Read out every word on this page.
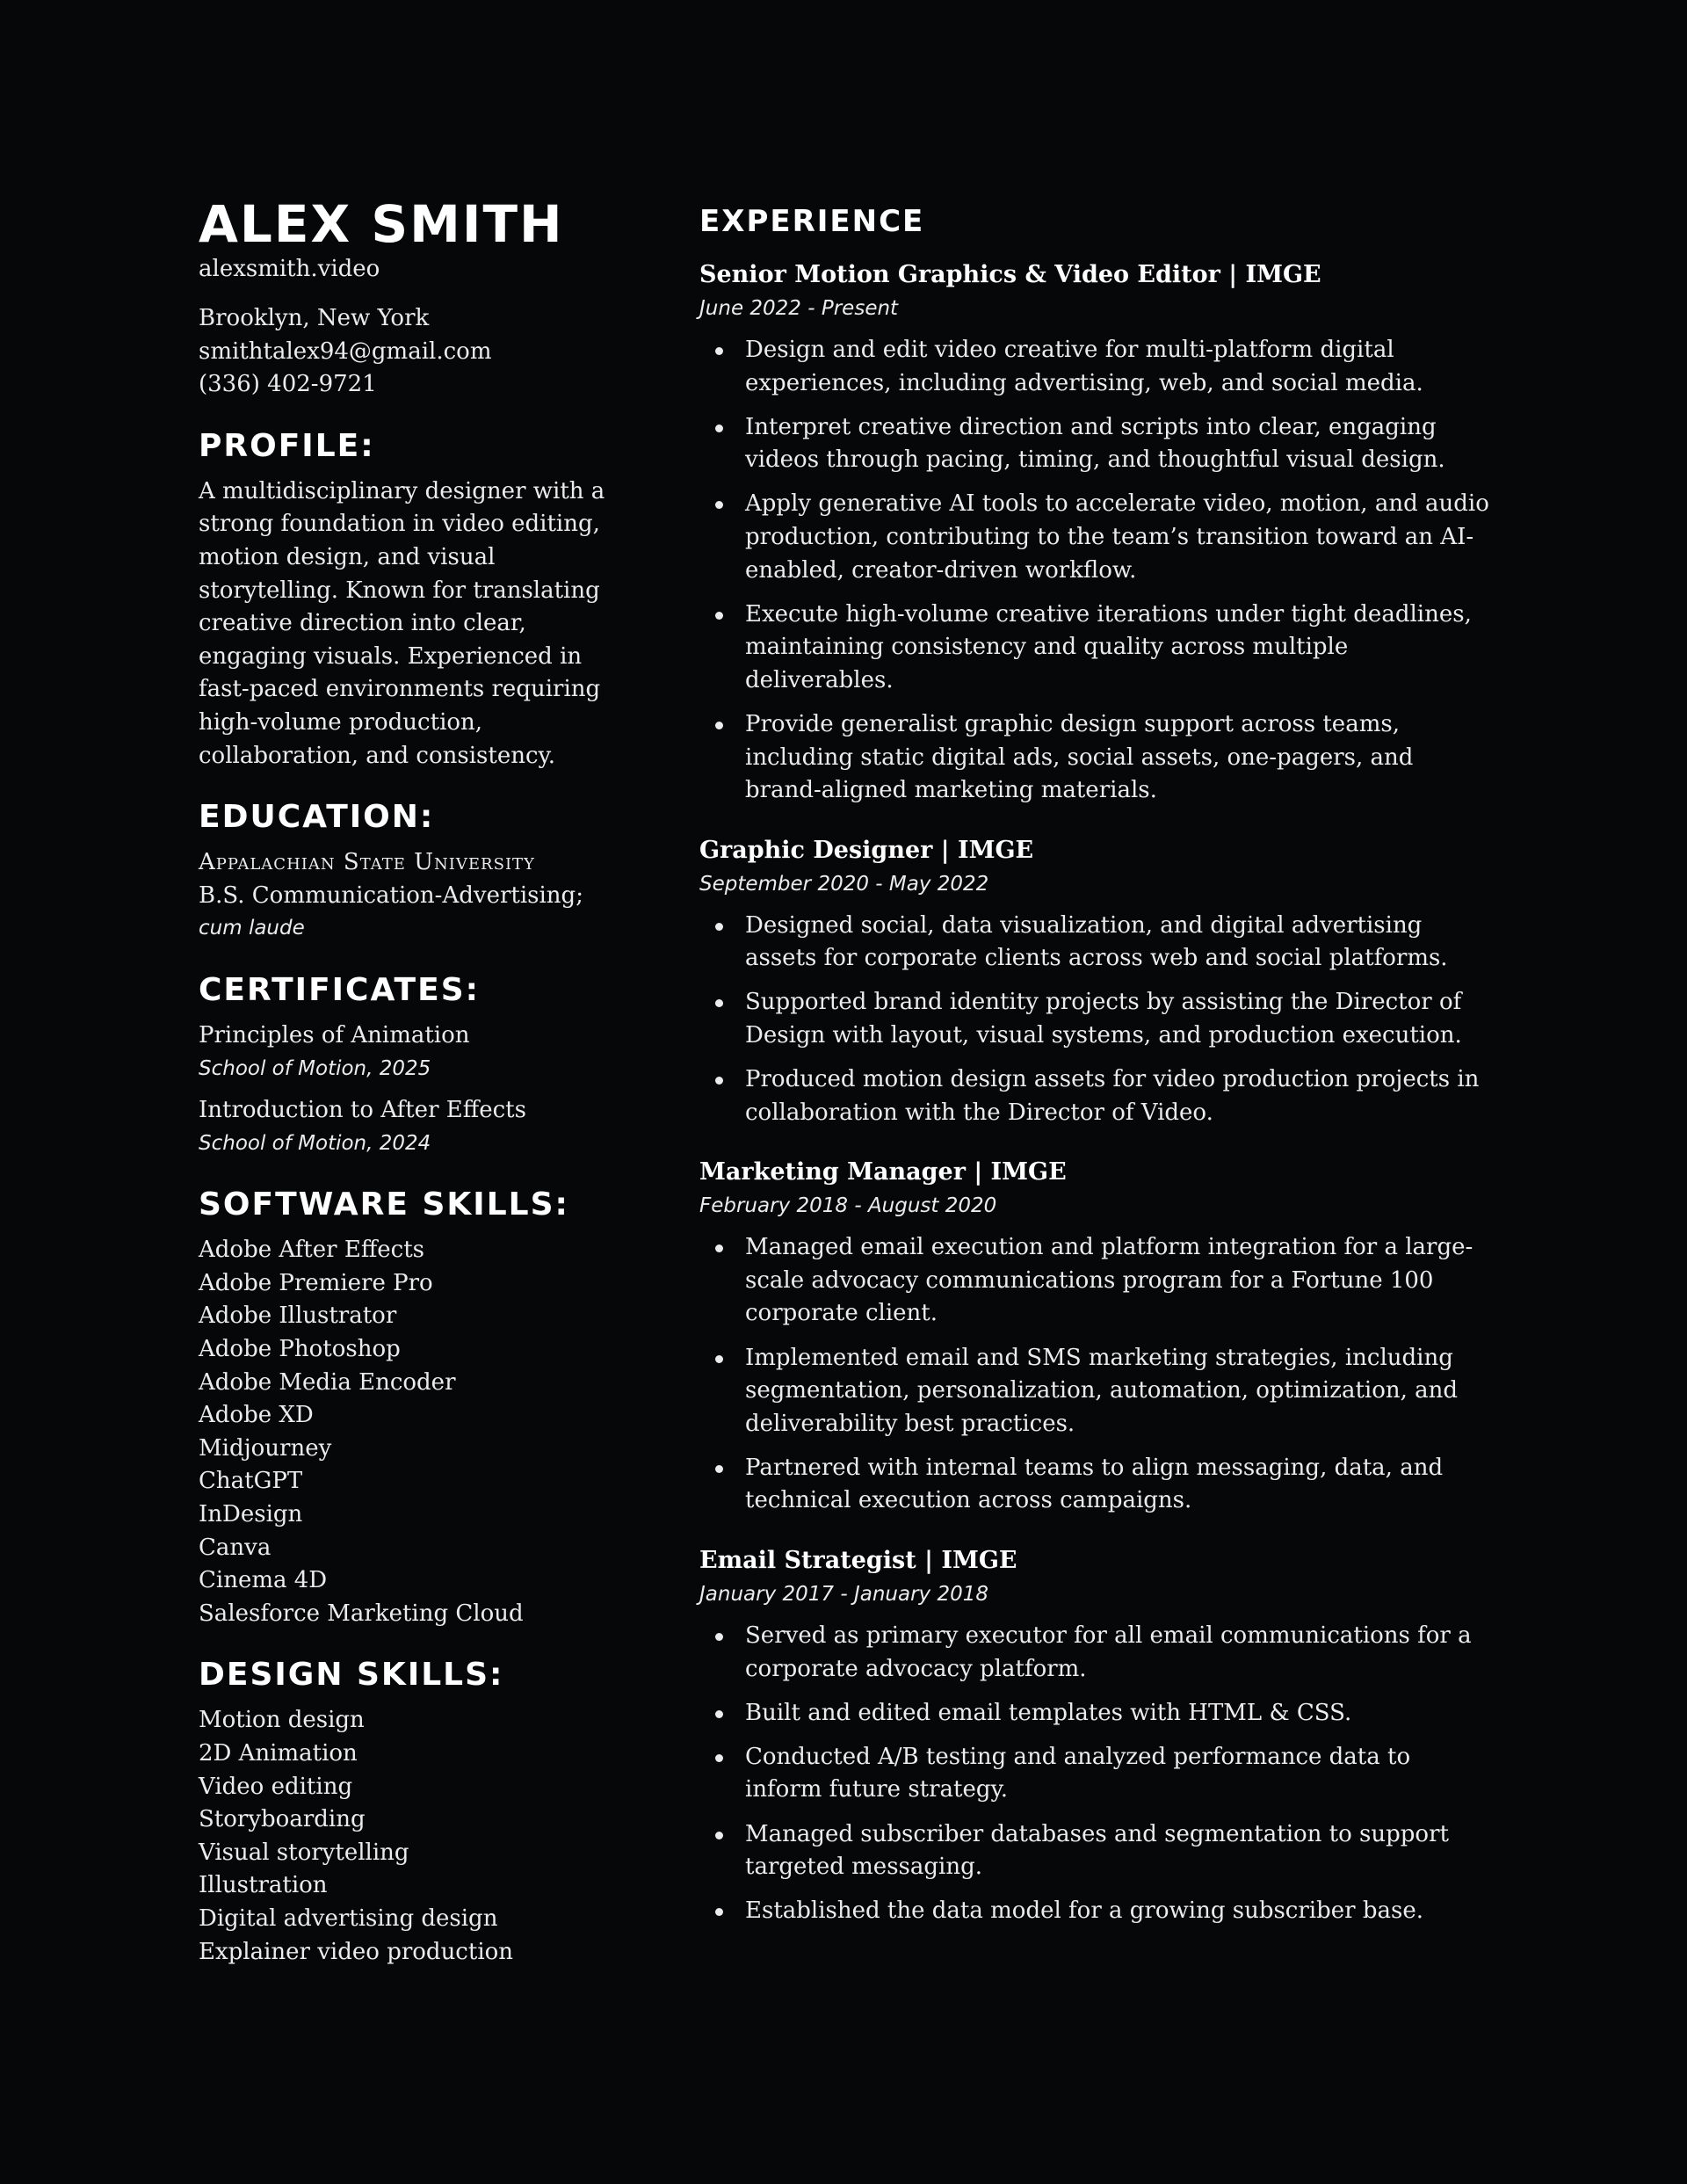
ALEX SMITH
alexsmith.video
Brooklyn, New York
smithtalex94@gmail.com
(336) 402-9721
PROFILE:

A multidisciplinary designer with a strong foundation in video editing, motion design, and visual storytelling. Known for translating creative direction into clear, engaging visuals. Experienced in fast-paced environments requiring high-volume production, collaboration, and consistency.

EDUCATION:
Appalachian State University
B.S. Communication-Advertising;
cum laude
CERTIFICATES:
Principles of Animation
School of Motion, 2025
Introduction to After Effects
School of Motion, 2024
SOFTWARE SKILLS:
Adobe After Effects
Adobe Premiere Pro
Adobe Illustrator
Adobe Photoshop
Adobe Media Encoder
Adobe XD
Midjourney
ChatGPT
InDesign
Canva
Cinema 4D
Salesforce Marketing Cloud
DESIGN SKILLS:
Motion design
2D Animation
Video editing
Storyboarding
Visual storytelling
Illustration
Digital advertising design
Explainer video production
EXPERIENCE
Senior Motion Graphics & Video Editor | IMGE
June 2022 - Present
Design and edit video creative for multi-platform digital experiences, including advertising, web, and social media.
Interpret creative direction and scripts into clear, engaging videos through pacing, timing, and thoughtful visual design.
Apply generative AI tools to accelerate video, motion, and audio production, contributing to the team’s transition toward an AI-enabled, creator-driven workflow.
Execute high-volume creative iterations under tight deadlines, maintaining consistency and quality across multiple deliverables.
Provide generalist graphic design support across teams, including static digital ads, social assets, one-pagers, and brand-aligned marketing materials.
Graphic Designer | IMGE
September 2020 - May 2022
Designed social, data visualization, and digital advertising assets for corporate clients across web and social platforms.
Supported brand identity projects by assisting the Director of Design with layout, visual systems, and production execution.
Produced motion design assets for video production projects in collaboration with the Director of Video.
Marketing Manager | IMGE
February 2018 - August 2020
Managed email execution and platform integration for a large-scale advocacy communications program for a Fortune 100 corporate client.
Implemented email and SMS marketing strategies, including segmentation, personalization, automation, optimization, and deliverability best practices.
Partnered with internal teams to align messaging, data, and technical execution across campaigns.
Email Strategist | IMGE
January 2017 - January 2018
Served as primary executor for all email communications for a corporate advocacy platform.
Built and edited email templates with HTML & CSS.
Conducted A/B testing and analyzed performance data to inform future strategy.
Managed subscriber databases and segmentation to support targeted messaging.
Established the data model for a growing subscriber base.
